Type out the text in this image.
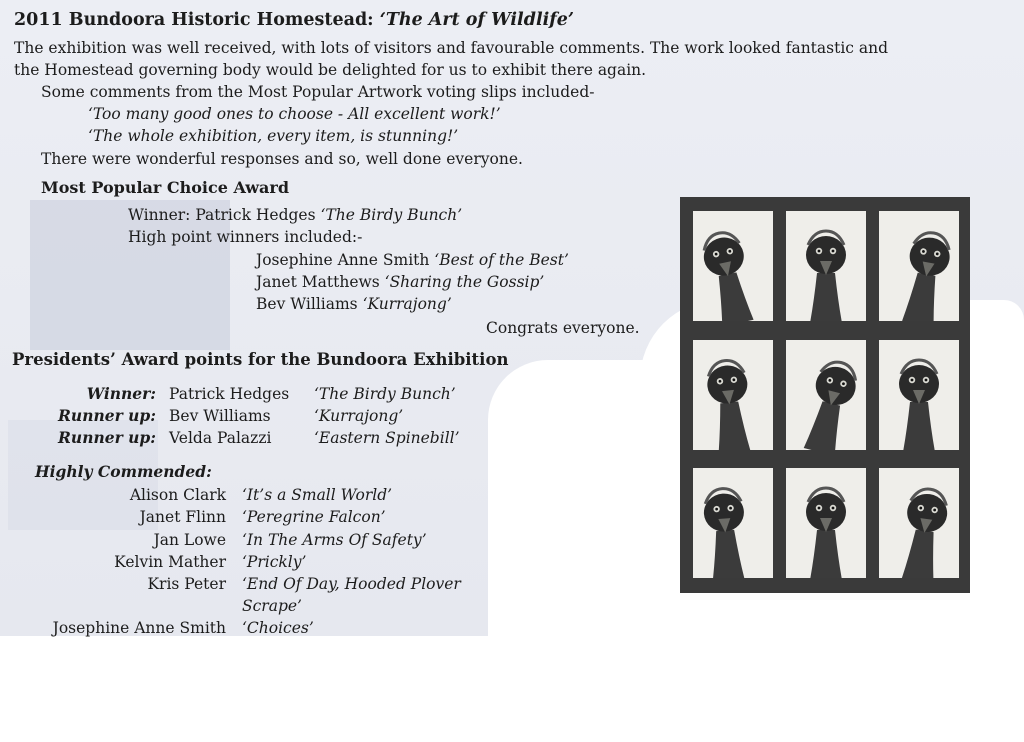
2011 Bundoora Historic Homestead: ‘The Art of Wildlife’
The exhibition was well received, with lots of visitors and favourable comments. The work looked fantastic and
the Homestead governing body would be delighted for us to exhibit there again.
Some comments from the Most Popular Artwork voting slips included-
‘Too many good ones to choose - All excellent work!’
‘The whole exhibition, every item, is stunning!’
There were wonderful responses and so, well done everyone.
Most Popular Choice Award
Winner: Patrick Hedges ‘The Birdy Bunch’
High point winners included:-
Josephine Anne Smith ‘Best of the Best’
Janet Matthews ‘Sharing the Gossip’
Bev Williams ‘Kurrajong’
Congrats everyone.
Presidents’ Award points for the Bundoora Exhibition
Winner: Patrick Hedges ‘The Birdy Bunch’
Runner up: Bev Williams	‘Kurrajong’
Runner up: Velda Palazzi	‘Eastern Spinebill’
Highly Commended:
Alison Clark ‘It’s a Small World’
Janet Flinn ‘Peregrine Falcon’
Jan Lowe ‘In The Arms Of Safety’
Kelvin Mather ‘Prickly’
Kris Peter ‘End Of Day, Hooded Plover
Scrape’
Josephine Anne Smith ‘Choices’
